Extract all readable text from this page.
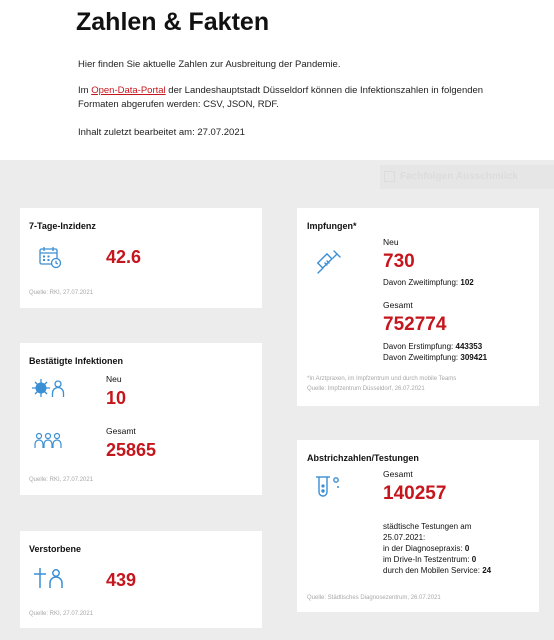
Zahlen & Fakten

Hier finden Sie aktuelle Zahlen zur Ausbreitung der Pandemie.

Im Open-Data-Portal der Landeshauptstadt Düsseldorf können die Infektionszahlen in folgenden Formaten abgerufen werden: CSV, JSON, RDF.

Inhalt zuletzt bearbeitet am: 27.07.2021

Fachfolgen Ausschmück
7-Tage-Inzidenz
42.6
Quelle: RKI, 27.07.2021
Bestätigte Infektionen
Neu
10
Gesamt
25865
Quelle: RKI, 27.07.2021
Verstorbene
439
Quelle: RKI, 27.07.2021
Impfungen*
Neu
730
Davon Zweitimpfung: 102
Gesamt
752774
Davon Erstimpfung: 443353
Davon Zweitimpfung: 309421
*In Arztpraxen, im Impfzentrum und durch mobile Teams
Quelle: Impfzentrum Düsseldorf, 26.07.2021
Abstrichzahlen/Testungen
Gesamt
140257
städtische Testungen am
25.07.2021:
in der Diagnosepraxis: 0
im Drive-In Testzentrum: 0
durch den Mobilen Service: 24
Quelle: Städtisches Diagnosezentrum, 26.07.2021
